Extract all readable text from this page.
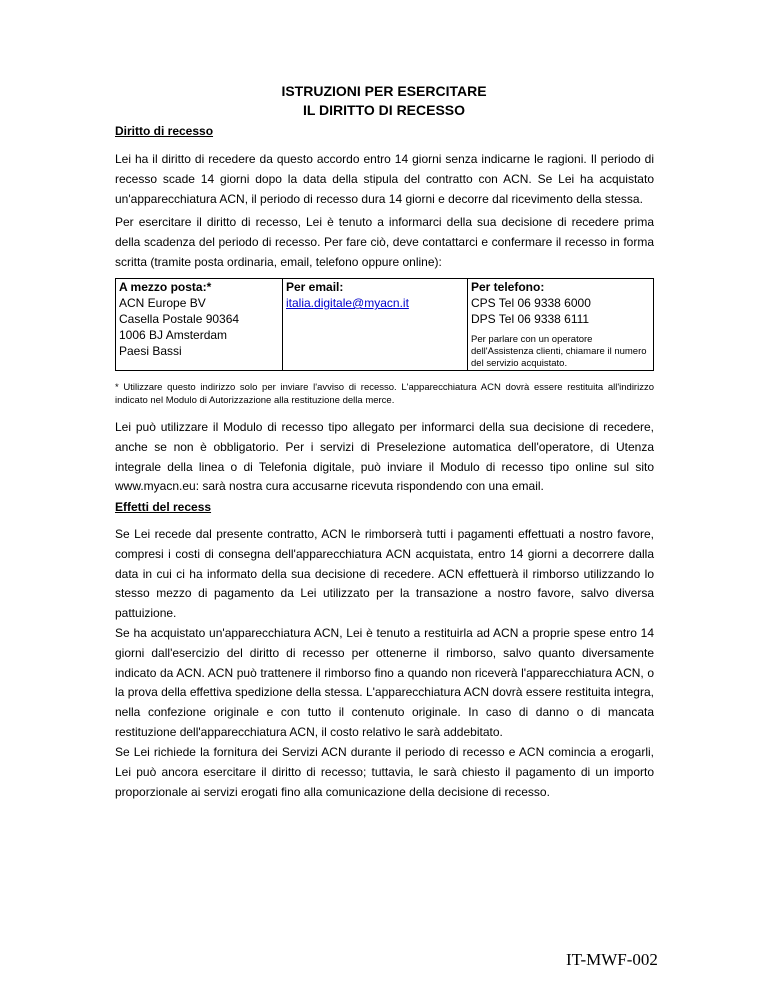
ISTRUZIONI PER ESERCITARE
IL DIRITTO DI RECESSO
Diritto di recesso
Lei ha il diritto di recedere da questo accordo entro 14 giorni senza indicarne le ragioni. Il periodo di recesso scade 14 giorni dopo la data della stipula del contratto con ACN. Se Lei ha acquistato un'apparecchiatura ACN, il periodo di recesso dura 14 giorni e decorre dal ricevimento della stessa.
Per esercitare il diritto di recesso, Lei è tenuto a informarci della sua decisione di recedere prima della scadenza del periodo di recesso. Per fare ciò, deve contattarci e confermare il recesso in forma scritta (tramite posta ordinaria, email, telefono oppure online):
A mezzo posta:*
ACN Europe BV
Casella Postale 90364
1006 BJ Amsterdam
Paesi Bassi

Per email:
italia.digitale@myacn.it

Per telefono:
CPS Tel 06 9338 6000
DPS Tel 06 9338 6111
Per parlare con un operatore dell'Assistenza clienti, chiamare il numero del servizio acquistato.
* Utilizzare questo indirizzo solo per inviare l'avviso di recesso. L'apparecchiatura ACN dovrà essere restituita all'indirizzo indicato nel Modulo di Autorizzazione alla restituzione della merce.
Lei può utilizzare il Modulo di recesso tipo allegato per informarci della sua decisione di recedere, anche se non è obbligatorio. Per i servizi di Preselezione automatica dell'operatore, di Utenza integrale della linea o di Telefonia digitale, può inviare il Modulo di recesso tipo online sul sito www.myacn.eu: sarà nostra cura accusarne ricevuta rispondendo con una email.
Effetti del recess
Se Lei recede dal presente contratto, ACN le rimborserà tutti i pagamenti effettuati a nostro favore, compresi i costi di consegna dell'apparecchiatura ACN acquistata, entro 14 giorni a decorrere dalla data in cui ci ha informato della sua decisione di recedere. ACN effettuerà il rimborso utilizzando lo stesso mezzo di pagamento da Lei utilizzato per la transazione a nostro favore, salvo diversa pattuizione.
Se ha acquistato un'apparecchiatura ACN, Lei è tenuto a restituirla ad ACN a proprie spese entro 14 giorni dall'esercizio del diritto di recesso per ottenerne il rimborso, salvo quanto diversamente indicato da ACN. ACN può trattenere il rimborso fino a quando non riceverà l'apparecchiatura ACN, o la prova della effettiva spedizione della stessa. L'apparecchiatura ACN dovrà essere restituita integra, nella confezione originale e con tutto il contenuto originale. In caso di danno o di mancata restituzione dell'apparecchiatura ACN, il costo relativo le sarà addebitato.
Se Lei richiede la fornitura dei Servizi ACN durante il periodo di recesso e ACN comincia a erogarli, Lei può ancora esercitare il diritto di recesso; tuttavia, le sarà chiesto il pagamento di un importo proporzionale ai servizi erogati fino alla comunicazione della decisione di recesso.
IT-MWF-002
